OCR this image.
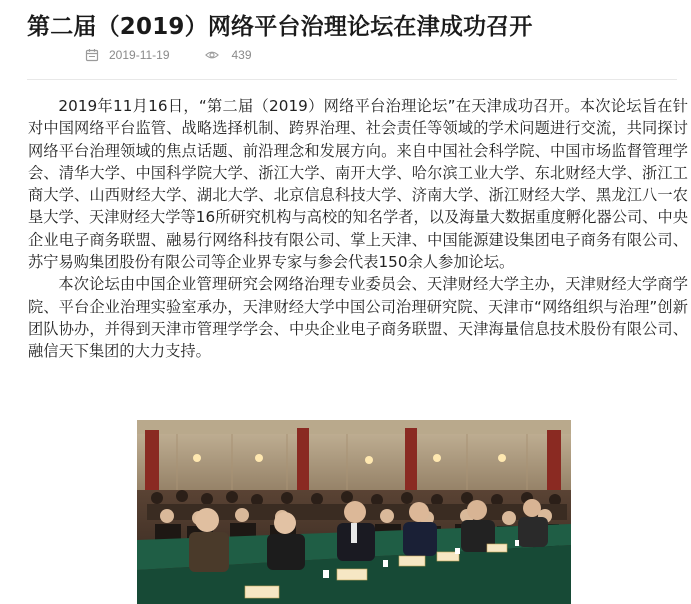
第二届（2019）网络平台治理论坛在津成功召开
2019-11-19	439

2019年11月16日，“第二届（2019）网络平台治理论坛”在天津成功召开。本次论坛旨在针对中国网络平台监管、战略选择机制、跨界治理、社会责任等领域的学术问题进行交流，共同探讨网络平台治理领域的焦点话题、前沿理念和发展方向。来自中国社会科学院、中国市场监督管理学会、清华大学、中国科学院大学、浙江大学、南开大学、哈尔滨工业大学、东北财经大学、浙江工商大学、山西财经大学、湖北大学、北京信息科技大学、济南大学、浙江财经大学、黑龙江八一农垦大学、天津财经大学等16所研究机构与高校的知名学者，以及海量大数据重度孵化器公司、中央企业电子商务联盟、融易行网络科技有限公司、掌上天津、中国能源建设集团电子商务有限公司、苏宁易购集团股份有限公司等企业界专家与参会代表150余人参加论坛。

本次论坛由中国企业管理研究会网络治理专业委员会、天津财经大学主办，天津财经大学商学院、平台企业治理实验室承办，天津财经大学中国公司治理研究院、天津市“网络组织与治理”创新团队协办，并得到天津市管理学学会、中央企业电子商务联盟、天津海量信息技术股份有限公司、融信天下集团的大力支持。
